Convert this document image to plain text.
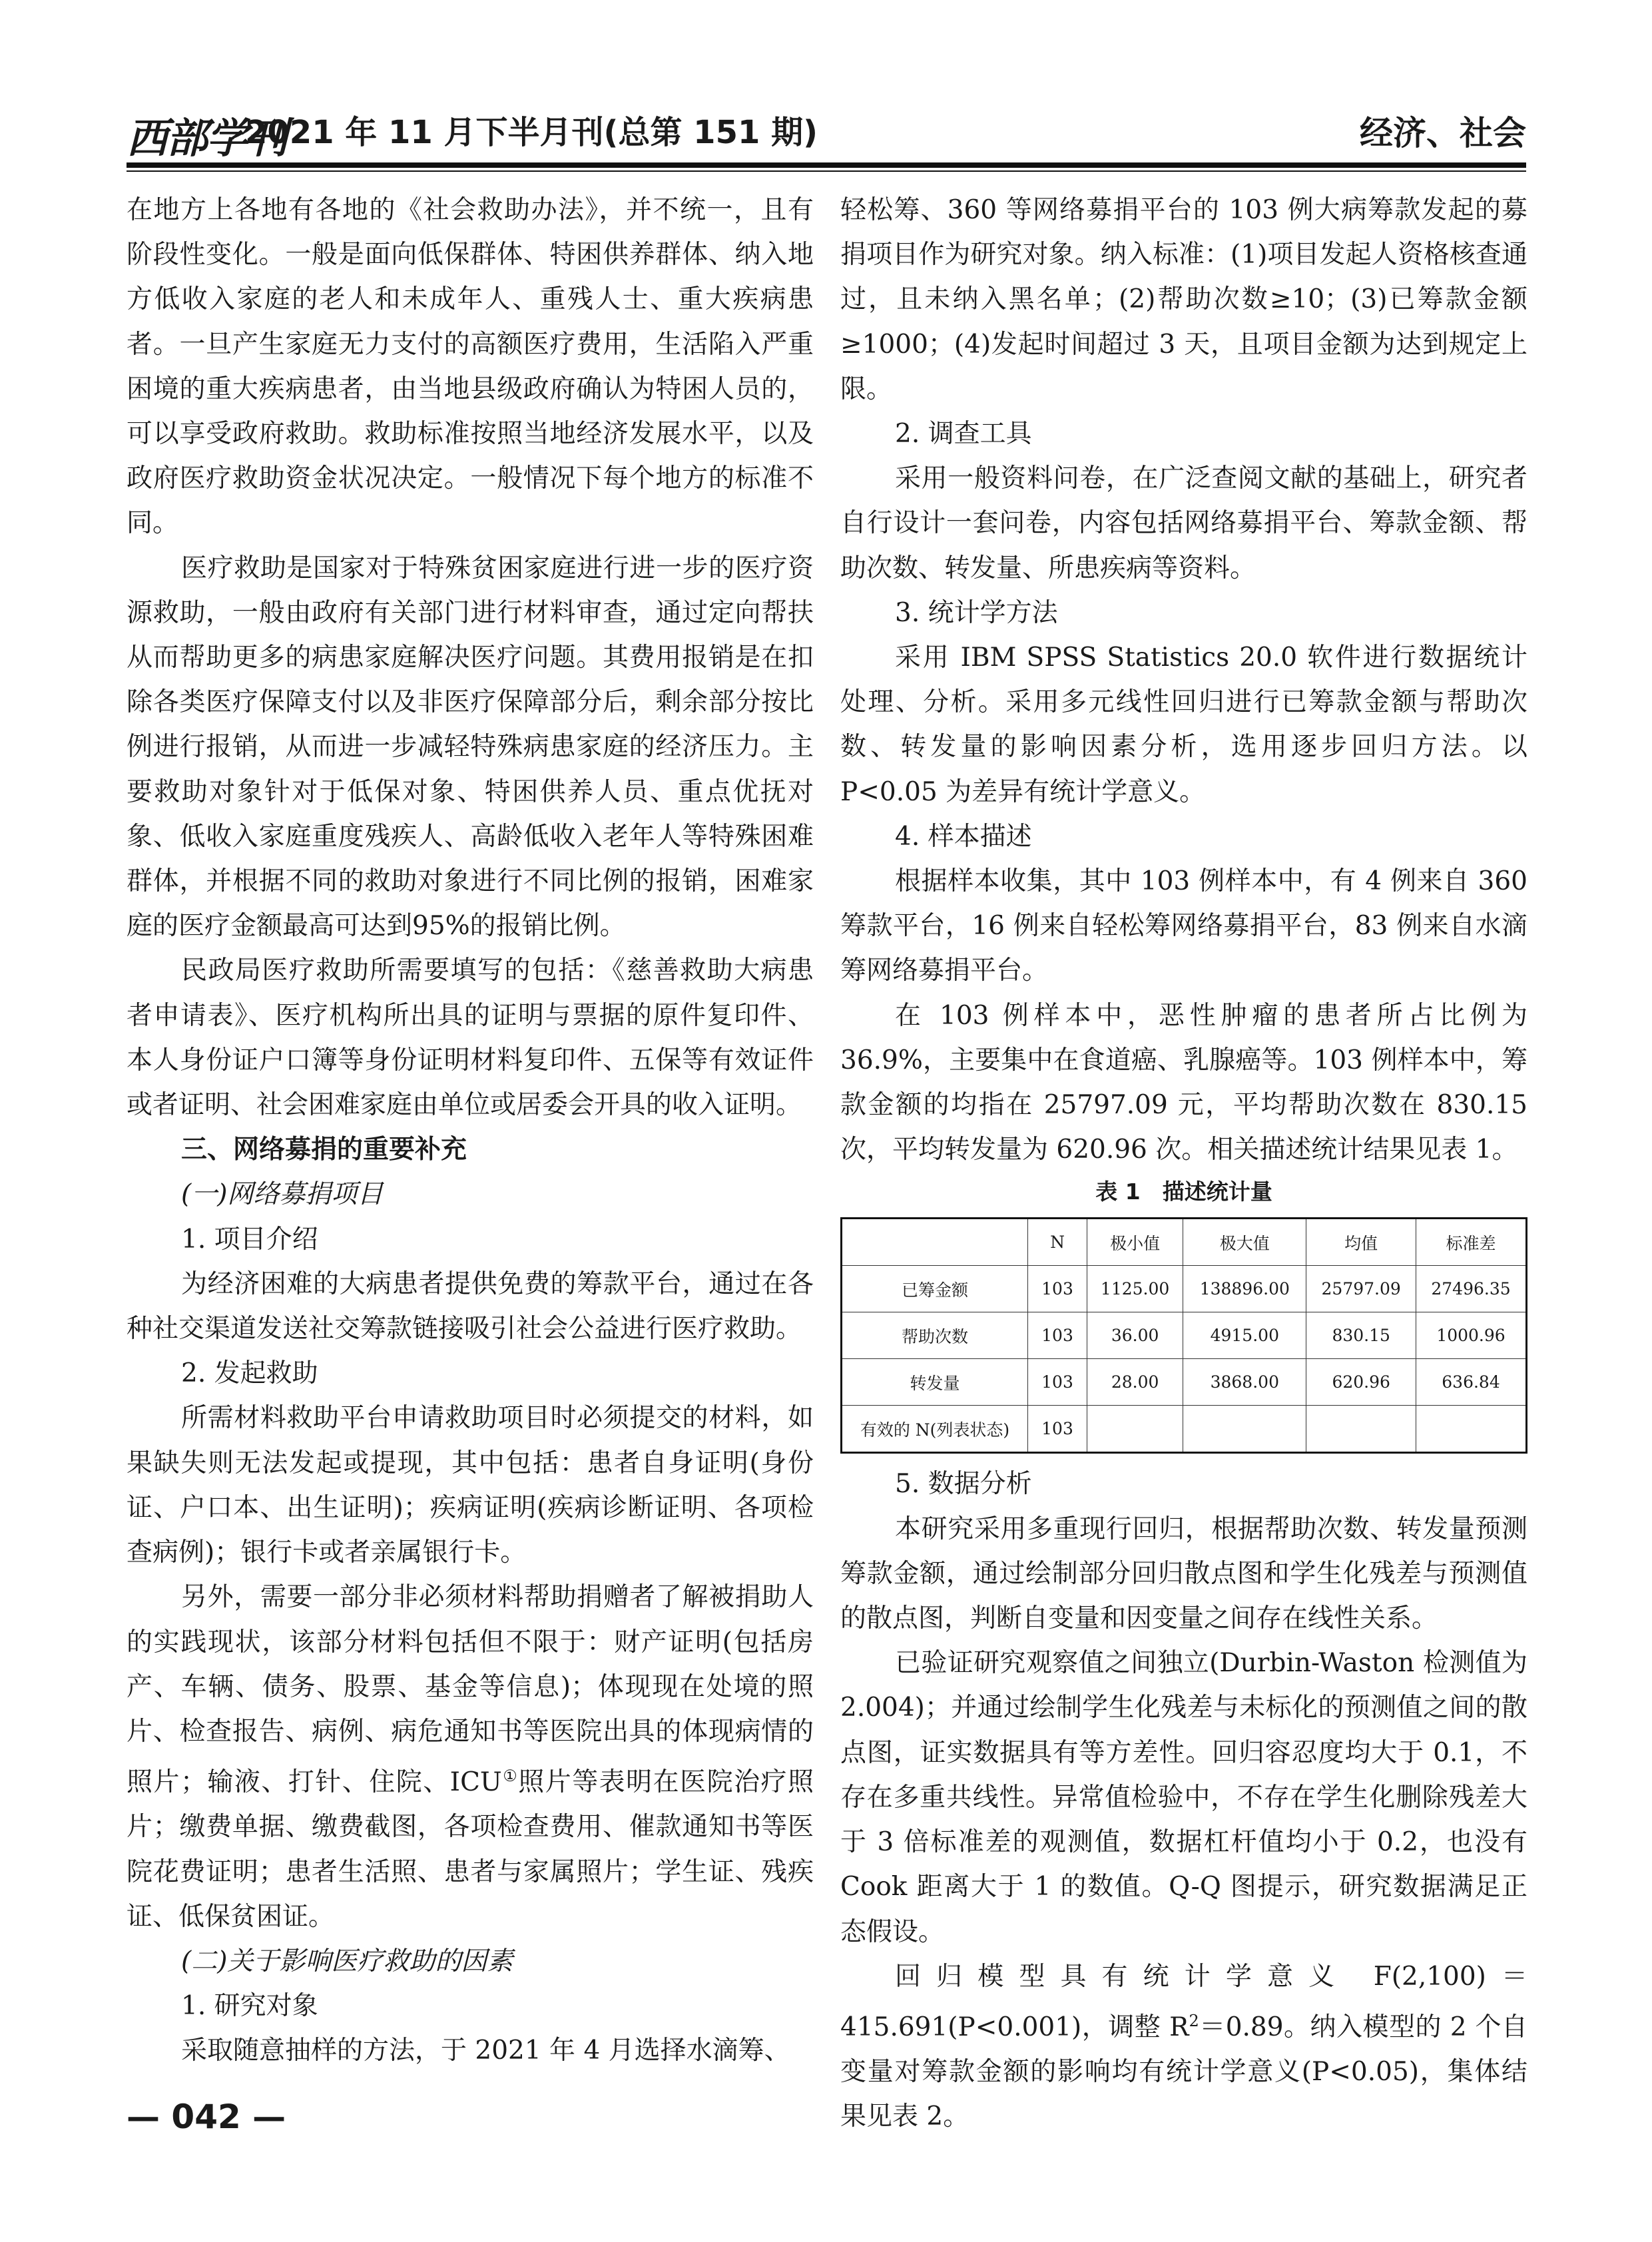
西部学刊
2021 年 11 月下半月刊(总第 151 期)	经济、社会

在地方上各地有各地的《社会救助办法》，并不统一，且有阶段性变化。一般是面向低保群体、特困供养群体、纳入地方低收入家庭的老人和未成年人、重残人士、重大疾病患者。一旦产生家庭无力支付的高额医疗费用，生活陷入严重困境的重大疾病患者，由当地县级政府确认为特困人员的，可以享受政府救助。救助标准按照当地经济发展水平，以及政府医疗救助资金状况决定。一般情况下每个地方的标准不同。

医疗救助是国家对于特殊贫困家庭进行进一步的医疗资源救助，一般由政府有关部门进行材料审查，通过定向帮扶从而帮助更多的病患家庭解决医疗问题。其费用报销是在扣除各类医疗保障支付以及非医疗保障部分后，剩余部分按比例进行报销，从而进一步减轻特殊病患家庭的经济压力。主要救助对象针对于低保对象、特困供养人员、重点优抚对象、低收入家庭重度残疾人、高龄低收入老年人等特殊困难群体，并根据不同的救助对象进行不同比例的报销，困难家庭的医疗金额最高可达到95%的报销比例。

民政局医疗救助所需要填写的包括：《慈善救助大病患者申请表》、医疗机构所出具的证明与票据的原件复印件、本人身份证户口簿等身份证明材料复印件、五保等有效证件或者证明、社会困难家庭由单位或居委会开具的收入证明。

三、网络募捐的重要补充

(一)网络募捐项目

1. 项目介绍

为经济困难的大病患者提供免费的筹款平台，通过在各种社交渠道发送社交筹款链接吸引社会公益进行医疗救助。

2. 发起救助

所需材料救助平台申请救助项目时必须提交的材料，如果缺失则无法发起或提现，其中包括：患者自身证明(身份证、户口本、出生证明)；疾病证明(疾病诊断证明、各项检查病例)；银行卡或者亲属银行卡。

另外，需要一部分非必须材料帮助捐赠者了解被捐助人的实践现状，该部分材料包括但不限于：财产证明(包括房产、车辆、债务、股票、基金等信息)；体现现在处境的照片、检查报告、病例、病危通知书等医院出具的体现病情的照片；输液、打针、住院、ICU①照片等表明在医院治疗照片；缴费单据、缴费截图，各项检查费用、催款通知书等医院花费证明；患者生活照、患者与家属照片；学生证、残疾证、低保贫困证。

(二)关于影响医疗救助的因素

1. 研究对象

采取随意抽样的方法，于 2021 年 4 月选择水滴筹、

轻松筹、360 等网络募捐平台的 103 例大病筹款发起的募捐项目作为研究对象。纳入标准：(1)项目发起人资格核查通过，且未纳入黑名单；(2)帮助次数≥10；(3)已筹款金额≥1000；(4)发起时间超过 3 天，且项目金额为达到规定上限。

2. 调查工具

采用一般资料问卷，在广泛查阅文献的基础上，研究者自行设计一套问卷，内容包括网络募捐平台、筹款金额、帮助次数、转发量、所患疾病等资料。

3. 统计学方法

采用 IBM SPSS Statistics 20.0 软件进行数据统计处理、分析。采用多元线性回归进行已筹款金额与帮助次数、转发量的影响因素分析，选用逐步回归方法。以 P<0.05 为差异有统计学意义。

4. 样本描述

根据样本收集，其中 103 例样本中，有 4 例来自 360 筹款平台，16 例来自轻松筹网络募捐平台，83 例来自水滴筹网络募捐平台。

在 103 例样本中，恶性肿瘤的患者所占比例为 36.9%，主要集中在食道癌、乳腺癌等。103 例样本中，筹款金额的均指在 25797.09 元，平均帮助次数在 830.15 次，平均转发量为 620.96 次。相关描述统计结果见表 1。

表 1　描述统计量

	N	极小值	极大值	均值	标准差
已筹金额	103	1125.00	138896.00	25797.09	27496.35
帮助次数	103	36.00	4915.00	830.15	1000.96
转发量	103	28.00	3868.00	620.96	636.84
有效的 N(列表状态)	103				

5. 数据分析

本研究采用多重现行回归，根据帮助次数、转发量预测筹款金额，通过绘制部分回归散点图和学生化残差与预测值的散点图，判断自变量和因变量之间存在线性关系。

已验证研究观察值之间独立(Durbin-Waston 检测值为 2.004)；并通过绘制学生化残差与未标化的预测值之间的散点图，证实数据具有等方差性。回归容忍度均大于 0.1，不存在多重共线性。异常值检验中，不存在学生化删除残差大于 3 倍标准差的观测值，数据杠杆值均小于 0.2，也没有 Cook 距离大于 1 的数值。Q-Q 图提示，研究数据满足正态假设。

回归模型具有统计学意义 F(2,100)＝415.691(P<0.001)，调整 $R^2=0.89$。纳入模型的 2 个自变量对筹款金额的影响均有统计学意义(P<0.05)，集体结果见表 2。

— 042 —
